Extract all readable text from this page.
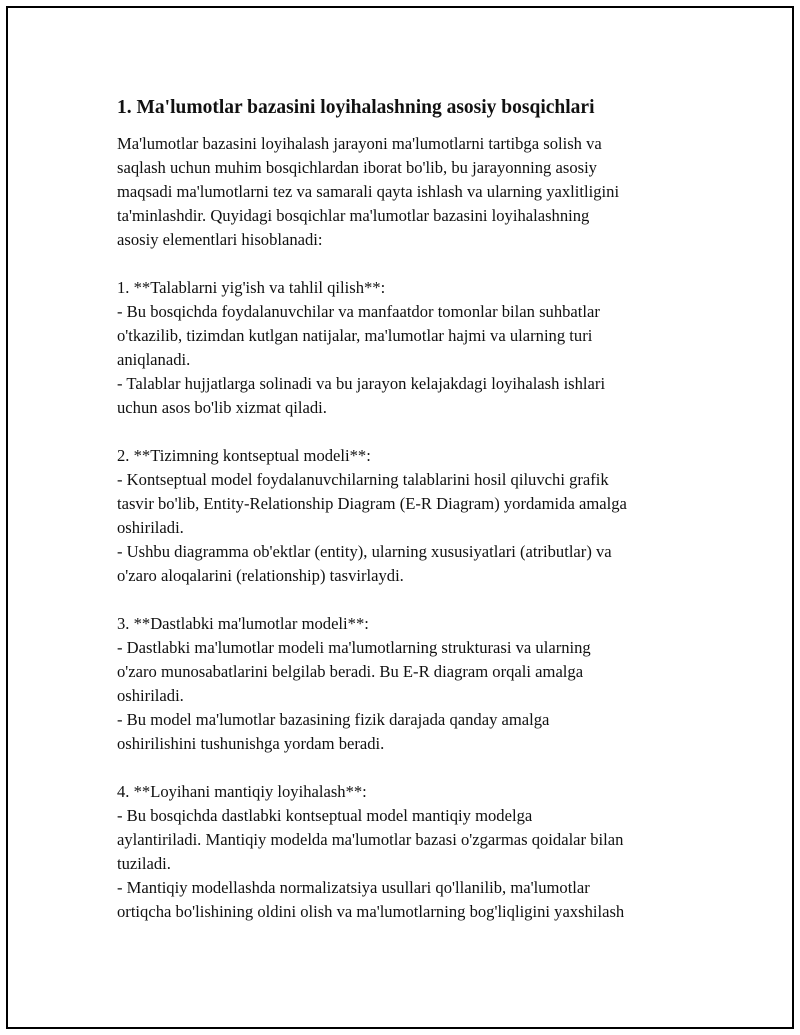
1. Ma'lumotlar bazasini loyihalashning asosiy bosqichlari

Ma'lumotlar bazasini loyihalash jarayoni ma'lumotlarni tartibga solish va
saqlash uchun muhim bosqichlardan iborat bo'lib, bu jarayonning asosiy
maqsadi ma'lumotlarni tez va samarali qayta ishlash va ularning yaxlitligini
ta'minlashdir. Quyidagi bosqichlar ma'lumotlar bazasini loyihalashning
asosiy elementlari hisoblanadi:

1. **Talablarni yig'ish va tahlil qilish**:

- Bu bosqichda foydalanuvchilar va manfaatdor tomonlar bilan suhbatlar
o'tkazilib, tizimdan kutlgan natijalar, ma'lumotlar hajmi va ularning turi
aniqlanadi.

- Talablar hujjatlarga solinadi va bu jarayon kelajakdagi loyihalash ishlari
uchun asos bo'lib xizmat qiladi.

2. **Tizimning kontseptual modeli**:

- Kontseptual model foydalanuvchilarning talablarini hosil qiluvchi grafik
tasvir bo'lib, Entity-Relationship Diagram (E-R Diagram) yordamida amalga
oshiriladi.

- Ushbu diagramma ob'ektlar (entity), ularning xususiyatlari (atributlar) va
o'zaro aloqalarini (relationship) tasvirlaydi.

3. **Dastlabki ma'lumotlar modeli**:

- Dastlabki ma'lumotlar modeli ma'lumotlarning strukturasi va ularning
o'zaro munosabatlarini belgilab beradi. Bu E-R diagram orqali amalga
oshiriladi.

- Bu model ma'lumotlar bazasining fizik darajada qanday amalga
oshirilishini tushunishga yordam beradi.

4. **Loyihani mantiqiy loyihalash**:

- Bu bosqichda dastlabki kontseptual model mantiqiy modelga
aylantiriladi. Mantiqiy modelda ma'lumotlar bazasi o'zgarmas qoidalar bilan
tuziladi.

- Mantiqiy modellashda normalizatsiya usullari qo'llanilib, ma'lumotlar
ortiqcha bo'lishining oldini olish va ma'lumotlarning bog'liqligini yaxshilash
